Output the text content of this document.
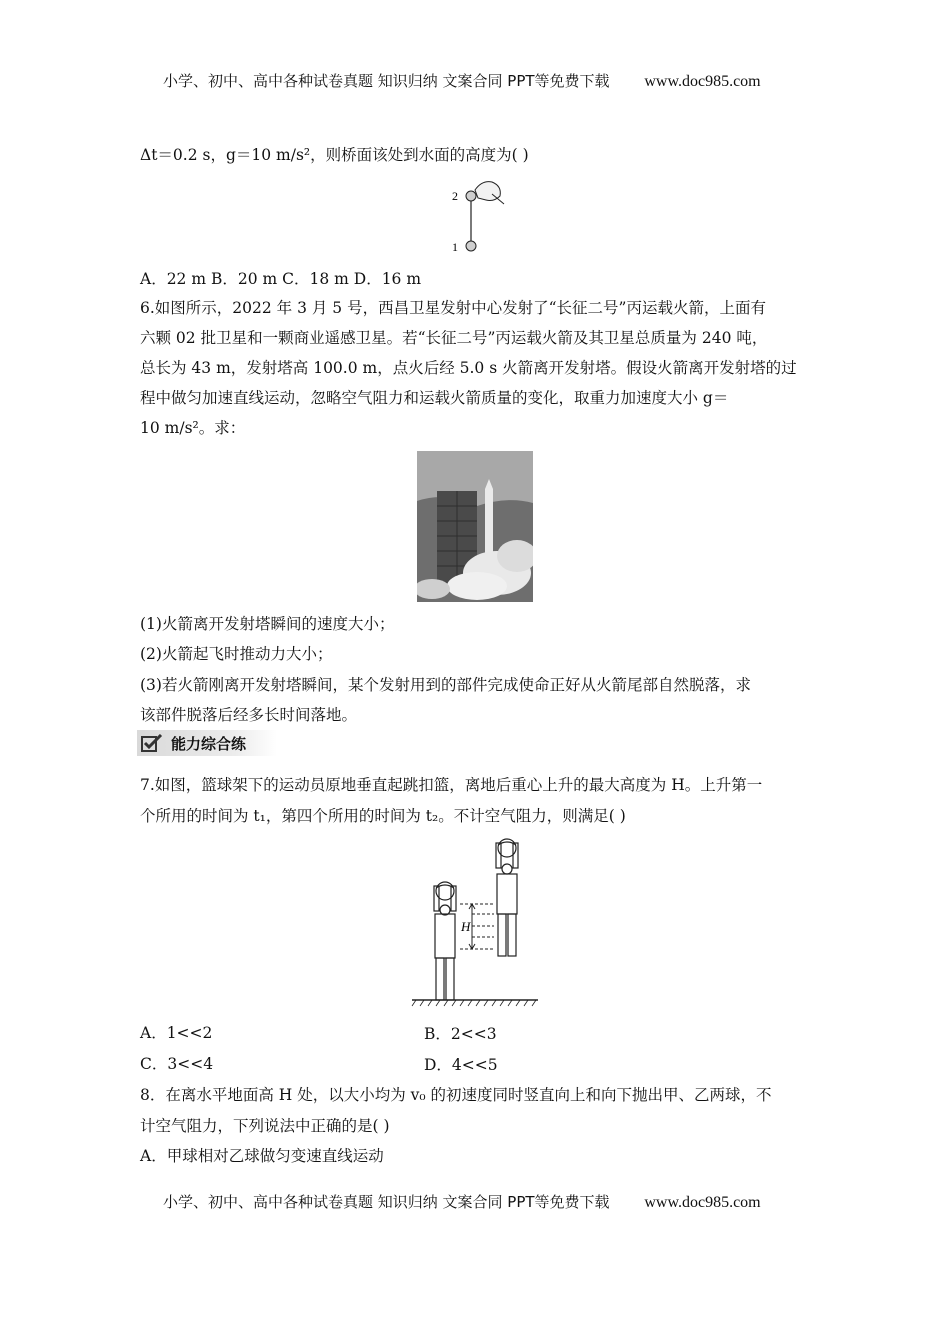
小学、初中、高中各种试卷真题 知识归纳 文案合同 PPT等免费下载 www.doc985.com
Δt＝0.2 s，g＝10 m/s²，则桥面该处到水面的高度为( )
2
1
A．22 m B．20 m C．18 m D．16 m
6.如图所示，2022 年 3 月 5 号，西昌卫星发射中心发射了“长征二号”丙运载火箭，上面有
六颗 02 批卫星和一颗商业遥感卫星。若“长征二号”丙运载火箭及其卫星总质量为 240 吨，
总长为 43 m，发射塔高 100.0 m，点火后经 5.0 s 火箭离开发射塔。假设火箭离开发射塔的过
程中做匀加速直线运动，忽略空气阻力和运载火箭质量的变化，取重力加速度大小 g＝
10 m/s²。求：
(1)火箭离开发射塔瞬间的速度大小；
(2)火箭起飞时推动力大小；
(3)若火箭刚离开发射塔瞬间，某个发射用到的部件完成使命正好从火箭尾部自然脱落，求
该部件脱落后经多长时间落地。
能力综合练
7.如图，篮球架下的运动员原地垂直起跳扣篮，离地后重心上升的最大高度为 H。上升第一
个所用的时间为 t₁，第四个所用的时间为 t₂。不计空气阻力，则满足( )
H
A．1<<2	B．2<<3
C．3<<4	D．4<<5
8．在离水平地面高 H 处，以大小均为 v₀ 的初速度同时竖直向上和向下抛出甲、乙两球，不
计空气阻力，下列说法中正确的是( )
A．甲球相对乙球做匀变速直线运动
小学、初中、高中各种试卷真题 知识归纳 文案合同 PPT等免费下载 www.doc985.com
